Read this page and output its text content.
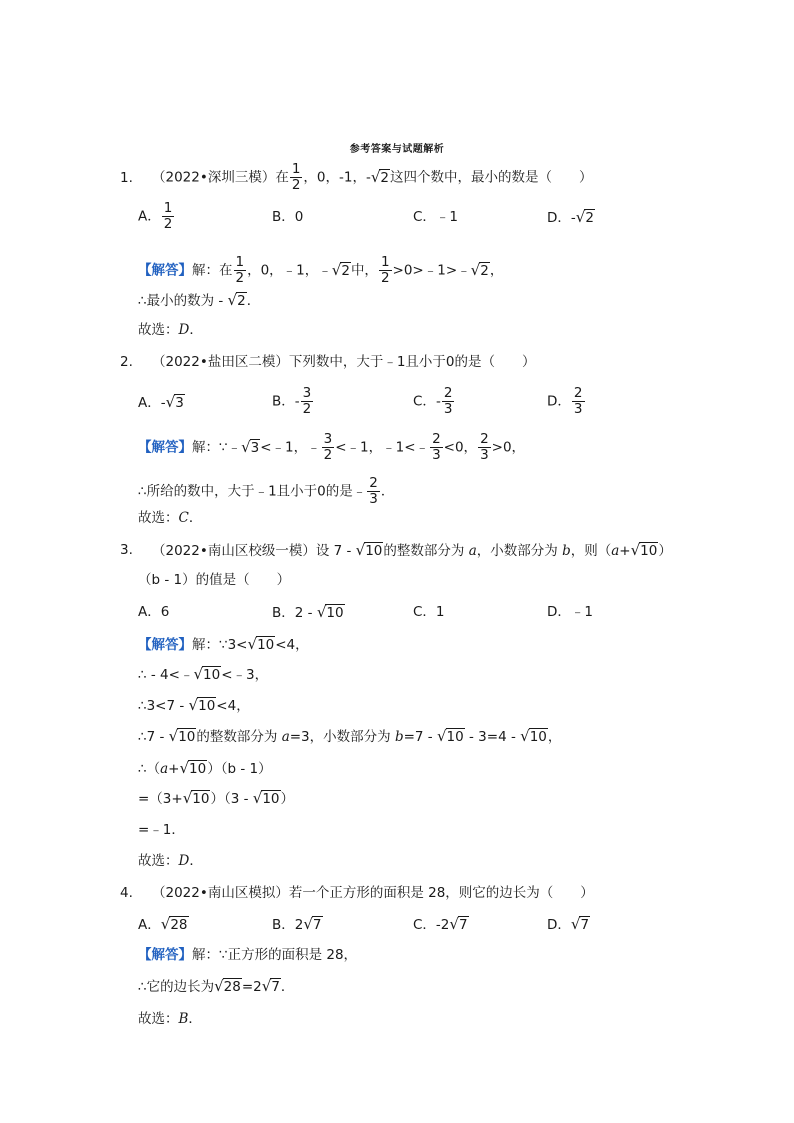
参考答案与试题解析
1. （2022•深圳三模）在 $\frac{1}{2}$ ，0，-1，-√2这四个数中，最小的数是（　　）
A． $\frac{1}{2}$	B．0	C．﹣1	D．-√2
【解答】解：在 $\frac{1}{2}$ ，0，﹣1，﹣√2中， $\frac{1}{2}$ >0>﹣1>﹣√2，
∴最小的数为 - √2．
故选：D．
2. （2022•盐田区二模）下列数中，大于﹣1且小于0的是（　　）
A．-√3	B．- $\frac{3}{2}$	C．- $\frac{2}{3}$	D． $\frac{2}{3}$
【解答】解：∵﹣√3<﹣1，﹣ $\frac{3}{2}$ <﹣1，﹣1<﹣ $\frac{2}{3} <0$， $\frac{2}{3} >0$，
∴所给的数中，大于﹣1且小于0的是﹣ $\frac{2}{3}$ ．
故选：C．
3. （2022•南山区校级一模）设 7 - √10的整数部分为 a，小数部分为 b，则（a+√10）
（b - 1）的值是（　　）
A．6	B．2 - √10	C．1	D．﹣1
【解答】解：∵3<√10<4，
∴ - 4<﹣√10<﹣3，
∴3<7 - √10<4，
∴7 - √10的整数部分为 a=3，小数部分为 b=7 - √10 - 3=4 - √10，
∴（a+√10）（b - 1）
=（3+√10）（3 - √10）
=﹣1．
故选：D．
4. （2022•南山区模拟）若一个正方形的面积是 28，则它的边长为（　　）
A．√28	B．2√7	C．-2√7	D．√7
【解答】解：∵正方形的面积是 28，
∴它的边长为√28=2√7．
故选：B．
